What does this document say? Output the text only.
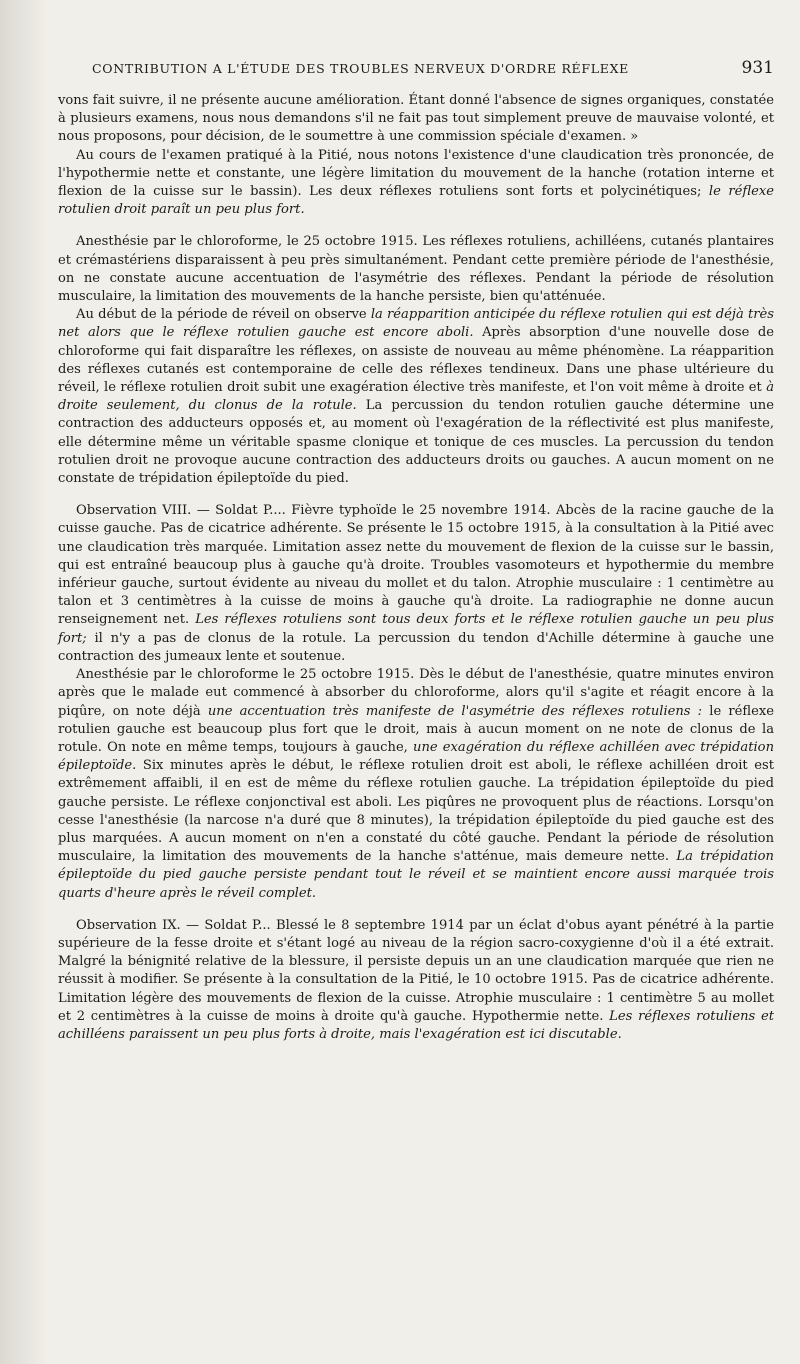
CONTRIBUTION A L'ÉTUDE DES TROUBLES NERVEUX D'ORDRE RÉFLEXE	931

vons fait suivre, il ne présente aucune amélioration. Étant donné l'absence de signes organiques, constatée à plusieurs examens, nous nous demandons s'il ne fait pas tout simplement preuve de mauvaise volonté, et nous proposons, pour décision, de le soumettre à une commission spéciale d'examen. »

Au cours de l'examen pratiqué à la Pitié, nous notons l'existence d'une claudication très prononcée, de l'hypothermie nette et constante, une légère limitation du mouvement de la hanche (rotation interne et flexion de la cuisse sur le bassin). Les deux réflexes rotuliens sont forts et polycinétiques; le réflexe rotulien droit paraît un peu plus fort.

Anesthésie par le chloroforme, le 25 octobre 1915. Les réflexes rotuliens, achilléens, cutanés plantaires et crémastériens disparaissent à peu près simultanément. Pendant cette première période de l'anesthésie, on ne constate aucune accentuation de l'asymétrie des réflexes. Pendant la période de résolution musculaire, la limitation des mouvements de la hanche persiste, bien qu'atténuée.

Au début de la période de réveil on observe la réapparition anticipée du réflexe rotulien qui est déjà très net alors que le réflexe rotulien gauche est encore aboli. Après absorption d'une nouvelle dose de chloroforme qui fait disparaître les réflexes, on assiste de nouveau au même phénomène. La réapparition des réflexes cutanés est contemporaine de celle des réflexes tendineux. Dans une phase ultérieure du réveil, le réflexe rotulien droit subit une exagération élective très manifeste, et l'on voit même à droite et à droite seulement, du clonus de la rotule. La percussion du tendon rotulien gauche détermine une contraction des adducteurs opposés et, au moment où l'exagération de la réflectivité est plus manifeste, elle détermine même un véritable spasme clonique et tonique de ces muscles. La percussion du tendon rotulien droit ne provoque aucune contraction des adducteurs droits ou gauches. A aucun moment on ne constate de trépidation épileptoïde du pied.

Observation VIII. — Soldat P.... Fièvre typhoïde le 25 novembre 1914. Abcès de la racine gauche de la cuisse gauche. Pas de cicatrice adhérente. Se présente le 15 octobre 1915, à la consultation à la Pitié avec une claudication très marquée. Limitation assez nette du mouvement de flexion de la cuisse sur le bassin, qui est entraîné beaucoup plus à gauche qu'à droite. Troubles vasomoteurs et hypothermie du membre inférieur gauche, surtout évidente au niveau du mollet et du talon. Atrophie musculaire : 1 centimètre au talon et 3 centimètres à la cuisse de moins à gauche qu'à droite. La radiographie ne donne aucun renseignement net. Les réflexes rotuliens sont tous deux forts et le réflexe rotulien gauche un peu plus fort; il n'y a pas de clonus de la rotule. La percussion du tendon d'Achille détermine à gauche une contraction des jumeaux lente et soutenue.

Anesthésie par le chloroforme le 25 octobre 1915. Dès le début de l'anesthésie, quatre minutes environ après que le malade eut commencé à absorber du chloroforme, alors qu'il s'agite et réagit encore à la piqûre, on note déjà une accentuation très manifeste de l'asymétrie des réflexes rotuliens : le réflexe rotulien gauche est beaucoup plus fort que le droit, mais à aucun moment on ne note de clonus de la rotule. On note en même temps, toujours à gauche, une exagération du réflexe achilléen avec trépidation épileptoïde. Six minutes après le début, le réflexe rotulien droit est aboli, le réflexe achilléen droit est extrêmement affaibli, il en est de même du réflexe rotulien gauche. La trépidation épileptoïde du pied gauche persiste. Le réflexe conjonctival est aboli. Les piqûres ne provoquent plus de réactions. Lorsqu'on cesse l'anesthésie (la narcose n'a duré que 8 minutes), la trépidation épileptoïde du pied gauche est des plus marquées. A aucun moment on n'en a constaté du côté gauche. Pendant la période de résolution musculaire, la limitation des mouvements de la hanche s'atténue, mais demeure nette. La trépidation épileptoïde du pied gauche persiste pendant tout le réveil et se maintient encore aussi marquée trois quarts d'heure après le réveil complet.

Observation IX. — Soldat P... Blessé le 8 septembre 1914 par un éclat d'obus ayant pénétré à la partie supérieure de la fesse droite et s'étant logé au niveau de la région sacro-coxygienne d'où il a été extrait. Malgré la bénignité relative de la blessure, il persiste depuis un an une claudication marquée que rien ne réussit à modifier. Se présente à la consultation de la Pitié, le 10 octobre 1915. Pas de cicatrice adhérente. Limitation légère des mouvements de flexion de la cuisse. Atrophie musculaire : 1 centimètre 5 au mollet et 2 centimètres à la cuisse de moins à droite qu'à gauche. Hypothermie nette. Les réflexes rotuliens et achilléens paraissent un peu plus forts à droite, mais l'exagération est ici discutable.
